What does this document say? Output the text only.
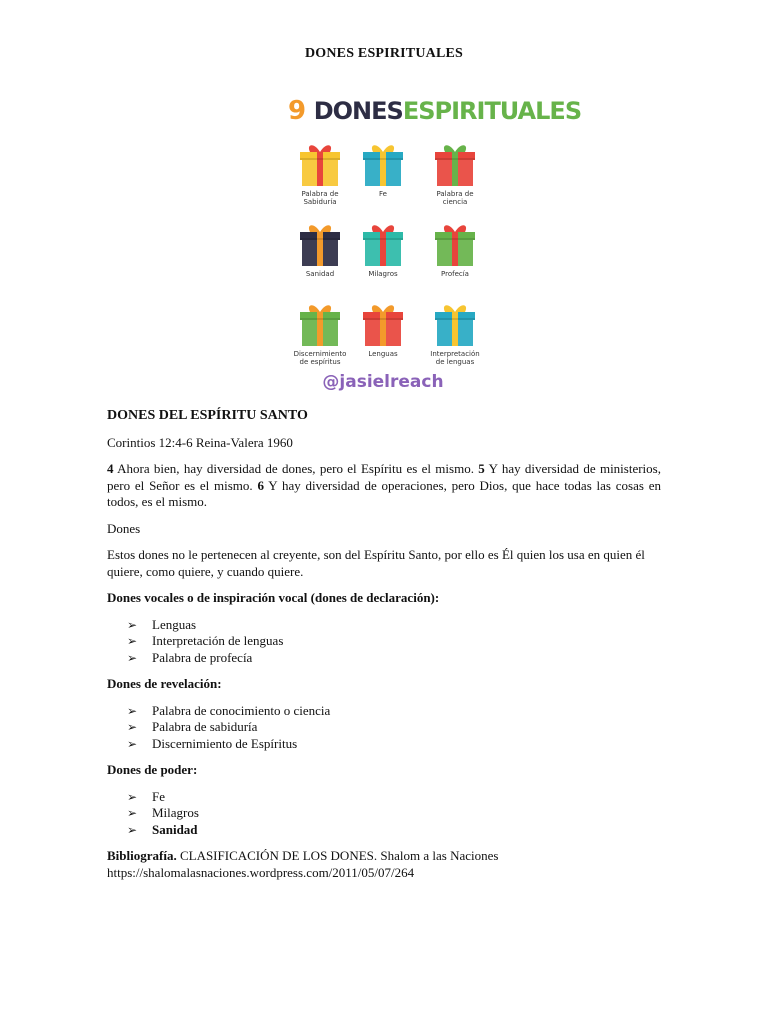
DONES ESPIRITUALES
9 DONESESPIRITUALES
Palabra de Sabiduría
Fe	Palabra de ciencia
Sanidad	Milagros	Profecía
Discernimiento de espíritus
Lenguas	Interpretación de lenguas
@jasielreach
DONES DEL ESPÍRITU SANTO

Corintios 12:4-6 Reina-Valera 1960

4 Ahora bien, hay diversidad de dones, pero el Espíritu es el mismo. 5 Y hay diversidad de ministerios, pero el Señor es el mismo. 6 Y hay diversidad de operaciones, pero Dios, que hace todas las cosas en todos, es el mismo.

Dones

Estos dones no le pertenecen al creyente, son del Espíritu Santo, por ello es Él quien los usa en quien él quiere, como quiere, y cuando quiere.

Dones vocales o de inspiración vocal (dones de declaración):
➢ Lenguas
➢ Interpretación de lenguas
➢ Palabra de profecía
Dones de revelación:
➢ Palabra de conocimiento o ciencia
➢ Palabra de sabiduría
➢ Discernimiento de Espíritus
Dones de poder:
➢ Fe
➢ Milagros
➢ Sanidad
Bibliografía. CLASIFICACIÓN DE LOS DONES. Shalom a las Naciones
https://shalomalasnaciones.wordpress.com/2011/05/07/264
